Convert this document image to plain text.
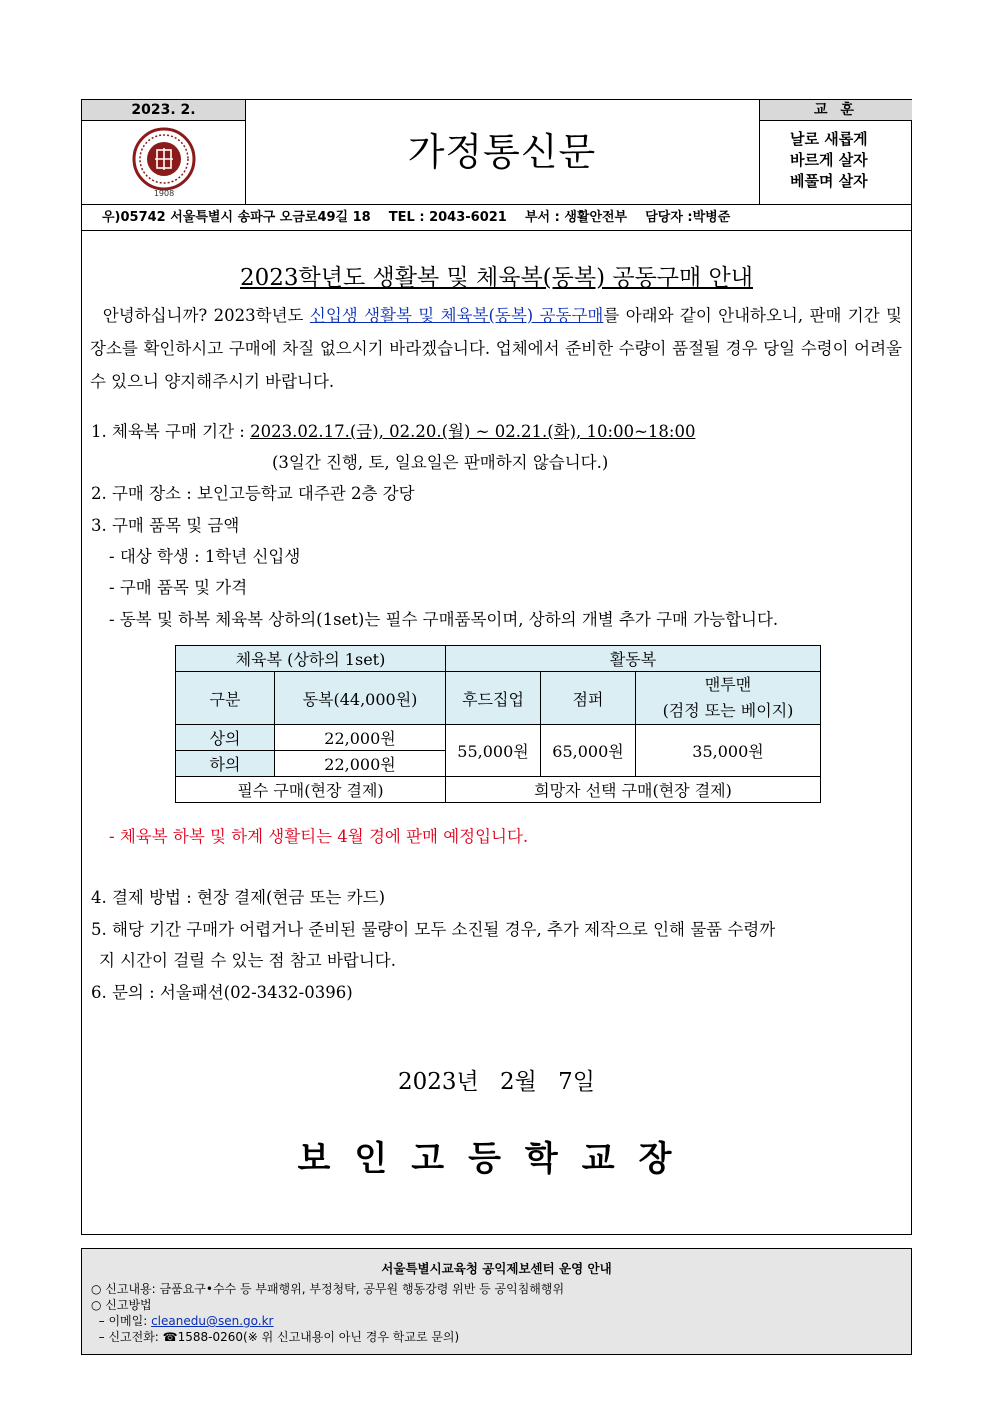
2023. 2.
1908
가정통신문
교 훈
날로 새롭게
바르게 살자
베풀며 살자
우)05742 서울특별시 송파구 오금로49길 18    TEL : 2043-6021    부서 : 생활안전부    담당자 :박병준
2023학년도 생활복 및 체육복(동복) 공동구매 안내
안녕하십니까? 2023학년도 신입생 생활복 및 체육복(동복) 공동구매를 아래와 같이 안내하오니, 판매 기간 및 장소를 확인하시고 구매에 차질 없으시기 바라겠습니다. 업체에서 준비한 수량이 품절될 경우 당일 수령이 어려울 수 있으니 양지해주시기 바랍니다.
1. 체육복 구매 기간 : 2023.02.17.(금), 02.20.(월) ~ 02.21.(화), 10:00~18:00
(3일간 진행, 토, 일요일은 판매하지 않습니다.)
2. 구매 장소 : 보인고등학교 대주관 2층 강당
3. 구매 품목 및 금액
- 대상 학생 : 1학년 신입생
- 구매 품목 및 가격
- 동복 및 하복 체육복 상하의(1set)는 필수 구매품목이며, 상하의 개별 추가 구매 가능합니다.
체육복 (상하의 1set)		활동복		
구분	동복(44,000원)	후드집업	점퍼	맨투맨
(검정 또는 베이지)

상의	22,000원	55,000원	65,000원	35,000원
하의	22,000원			
필수 구매(현장 결제)		희망자 선택 구매(현장 결제)		
- 체육복 하복 및 하계 생활티는 4월 경에 판매 예정입니다.
4. 결제 방법 : 현장 결제(현금 또는 카드)
5. 해당 기간 구매가 어렵거나 준비된 물량이 모두 소진될 경우, 추가 제작으로 인해 물품 수령까
지 시간이 걸릴 수 있는 점 참고 바랍니다.
6. 문의 : 서울패션(02-3432-0396)
2023년 2월 7일
보인고등학교장
서울특별시교육청 공익제보센터 운영 안내
○ 신고내용: 금품요구•수수 등 부패행위, 부정청탁, 공무원 행동강령 위반 등 공익침해행위
○ 신고방법
– 이메일: cleanedu@sen.go.kr
– 신고전화: ☎1588-0260(※ 위 신고내용이 아닌 경우 학교로 문의)
